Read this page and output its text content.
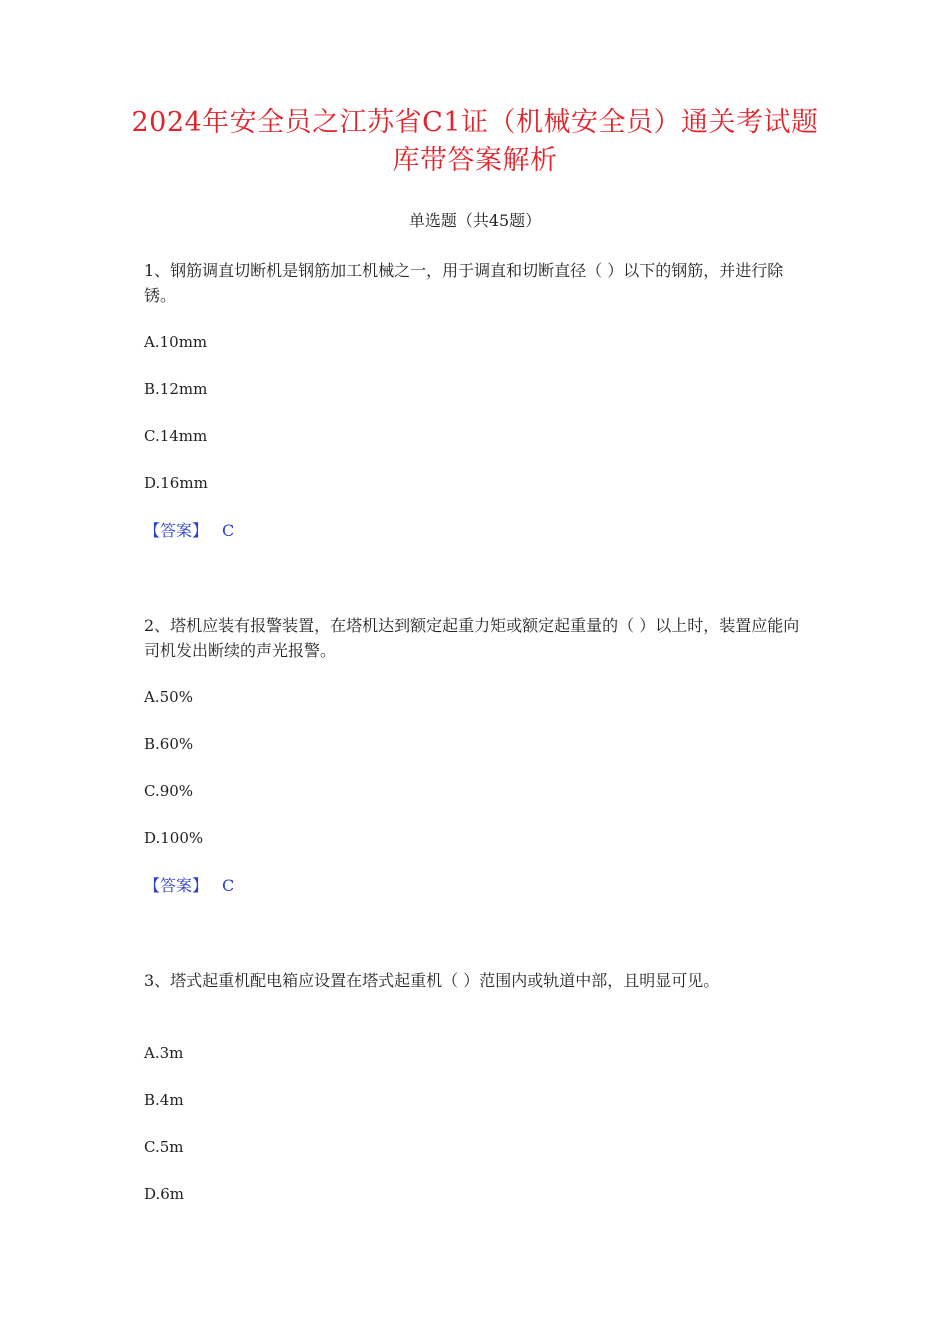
2024年安全员之江苏省C1证（机械安全员）通关考试题库带答案解析
单选题（共45题）
1、钢筋调直切断机是钢筋加工机械之一，用于调直和切断直径（ ）以下的钢筋，并进行除锈。
A.10mm
B.12mm
C.14mm
D.16mm
【答案】 C
2、塔机应装有报警装置，在塔机达到额定起重力矩或额定起重量的（ ）以上时，装置应能向司机发出断续的声光报警。
A.50%
B.60%
C.90%
D.100%
【答案】 C
3、塔式起重机配电箱应设置在塔式起重机（ ）范围内或轨道中部，且明显可见。
A.3m
B.4m
C.5m
D.6m
